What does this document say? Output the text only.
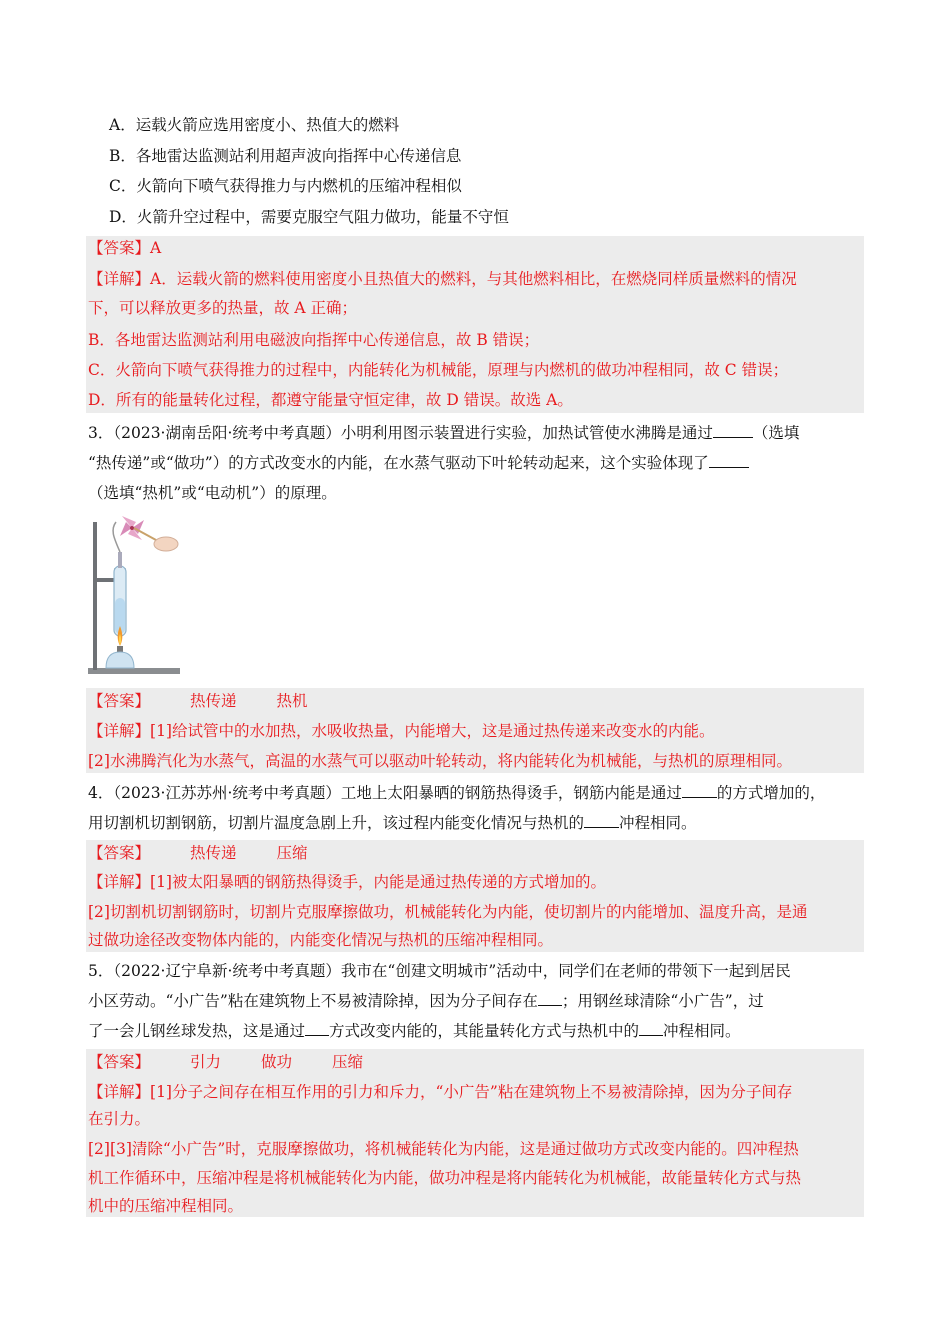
A．运载火箭应选用密度小、热值大的燃料
B．各地雷达监测站利用超声波向指挥中心传递信息
C．火箭向下喷气获得推力与内燃机的压缩冲程相似
D．火箭升空过程中，需要克服空气阻力做功，能量不守恒
【答案】A
【详解】A．运载火箭的燃料使用密度小且热值大的燃料，与其他燃料相比，在燃烧同样质量燃料的情况
下，可以释放更多的热量，故 A 正确；
B．各地雷达监测站利用电磁波向指挥中心传递信息，故 B 错误；
C．火箭向下喷气获得推力的过程中，内能转化为机械能，原理与内燃机的做功冲程相同，故 C 错误；
D．所有的能量转化过程，都遵守能量守恒定律，故 D 错误。故选 A。
3．（2023·湖南岳阳·统考中考真题）小明利用图示装置进行实验，加热试管使水沸腾是通过	（选填
“热传递”或“做功”）的方式改变水的内能，在水蒸气驱动下叶轮转动起来，这个实验体现了
（选填“热机”或“电动机”）的原理。
【答案】	热传递	热机
【详解】[1]给试管中的水加热，水吸收热量，内能增大，这是通过热传递来改变水的内能。
[2]水沸腾汽化为水蒸气，高温的水蒸气可以驱动叶轮转动，将内能转化为机械能，与热机的原理相同。
4．（2023·江苏苏州·统考中考真题）工地上太阳暴晒的钢筋热得烫手，钢筋内能是通过 的方式增加的，
用切割机切割钢筋，切割片温度急剧上升，该过程内能变化情况与热机的 冲程相同。
【答案】	热传递	压缩
【详解】[1]被太阳暴晒的钢筋热得烫手，内能是通过热传递的方式增加的。
[2]切割机切割钢筋时，切割片克服摩擦做功，机械能转化为内能，使切割片的内能增加、温度升高，是通
过做功途径改变物体内能的，内能变化情况与热机的压缩冲程相同。
5．（2022·辽宁阜新·统考中考真题）我市在“创建文明城市”活动中，同学们在老师的带领下一起到居民
小区劳动。“小广告”粘在建筑物上不易被清除掉，因为分子间存在 ；用钢丝球清除“小广告”，过
了一会儿钢丝球发热，这是通过 方式改变内能的，其能量转化方式与热机中的 冲程相同。
【答案】	引力	做功	压缩
【详解】[1]分子之间存在相互作用的引力和斥力，“小广告”粘在建筑物上不易被清除掉，因为分子间存
在引力。
[2][3]清除“小广告”时，克服摩擦做功，将机械能转化为内能，这是通过做功方式改变内能的。四冲程热
机工作循环中，压缩冲程是将机械能转化为内能，做功冲程是将内能转化为机械能，故能量转化方式与热
机中的压缩冲程相同。
